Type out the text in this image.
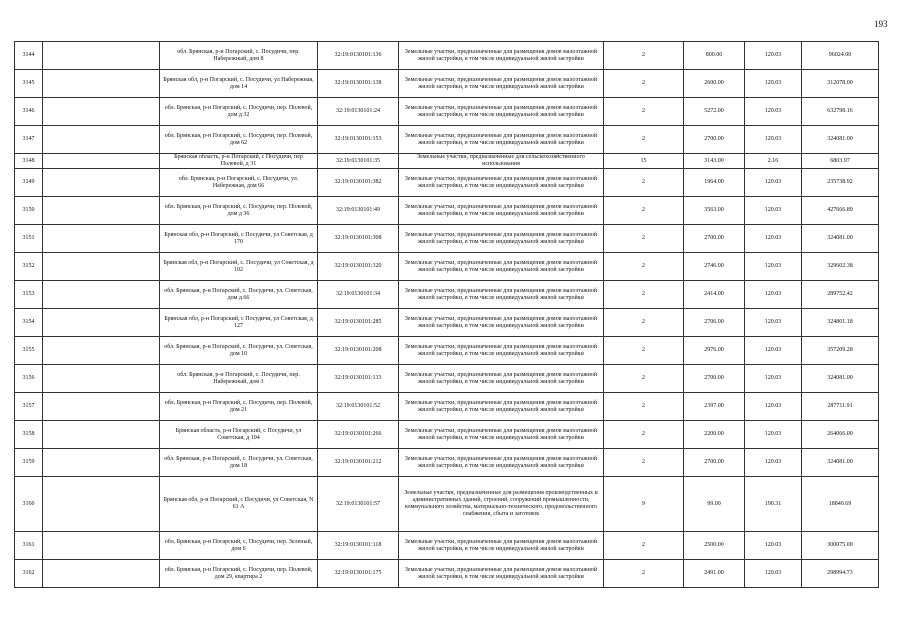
193
3144		обл. Брянская, р-н Погарский, с. Посудичи, пер. Набережный, дом 8	32:19:0130101:136	Земельные участки, предназначенные для размещения домов малоэтажной жилой застройки, в том числе индивидуальной жилой застройки	2	800.00	120.03	96024.00
3145		Брянская обл, р-н Погарский, с. Посудичи, ул Набережная, дом 14	32:19:0130101:138	Земельные участки, предназначенные для размещения домов малоэтажной жилой застройки, в том числе индивидуальной жилой застройки	2	2600.00	120.03	312078.00
3146		обл. Брянская, р-н Погарский, с. Посудичи, пер. Полевой, дом д 32	32:19:0130101:24	Земельные участки, предназначенные для размещения домов малоэтажной жилой застройки, в том числе индивидуальной жилой застройки	2	5272.00	120.03	632798.16
3147		обл. Брянская, р-н Погарский, с. Посудичи, пер. Полевой, дом 62	32:19:0130101:153	Земельные участки, предназначенные для размещения домов малоэтажной жилой застройки, в том числе индивидуальной жилой застройки	2	2700.00	120.03	324081.00
3148		Брянская область, р-н Погарский, с Посудичи, пер Полевой, д 31	32:19:0130101:35	Земельные участки, предназначенные для сельскохозяйственного использования	15	3143.00	2.16	6803.97
3149		обл. Брянская, р-н Погарский, с. Посудичи, ул. Набережная, дом 66	32:19:0130101:382	Земельные участки, предназначенные для размещения домов малоэтажной жилой застройки, в том числе индивидуальной жилой застройки	2	1964.00	120.03	235738.92
3150		обл. Брянская, р-н Погарский, с. Посудичи, пер. Полевой, дом д 36	32:19:0130101:49	Земельные участки, предназначенные для размещения домов малоэтажной жилой застройки, в том числе индивидуальной жилой застройки	2	3563.00	120.03	427666.89
3151		Брянская обл, р-н Погарский, с Посудичи, ул Советская, д 170	32:19:0130101:308	Земельные участки, предназначенные для размещения домов малоэтажной жилой застройки, в том числе индивидуальной жилой застройки	2	2700.00	120.03	324081.00
3152		Брянская обл, р-н Погарский, с. Посудичи, ул Советская, д 102	32:19:0130101:320	Земельные участки, предназначенные для размещения домов малоэтажной жилой застройки, в том числе индивидуальной жилой застройки	2	2746.00	120.03	329602.38
3153		обл. Брянская, р-н Погарский, с. Посудичи, ул. Советская, дом д.66	32:19:0130101:34	Земельные участки, предназначенные для размещения домов малоэтажной жилой застройки, в том числе индивидуальной жилой застройки	2	2414.00	120.03	289752.42
3154		Брянская обл, р-н Погарский, с Посудичи, ул Советская, д 127	32:19:0130101:285	Земельные участки, предназначенные для размещения домов малоэтажной жилой застройки, в том числе индивидуальной жилой застройки	2	2706.00	120.03	324801.18
3155		обл. Брянская, р-н Погарский, с. Посудичи, ул. Советская, дом 10	32:19:0130101:208	Земельные участки, предназначенные для размещения домов малоэтажной жилой застройки, в том числе индивидуальной жилой застройки	2	2976.00	120.03	357209.28
3156		обл. Брянская, р-н Погарский, с. Посудичи, пер. Набережный, дом 3	32:19:0130101:133	Земельные участки, предназначенные для размещения домов малоэтажной жилой застройки, в том числе индивидуальной жилой застройки	2	2700.00	120.03	324081.00
3157		обл. Брянская, р-н Погарский, с. Посудичи, пер. Полевой, дом 21	32:19:0130101:52	Земельные участки, предназначенные для размещения домов малоэтажной жилой застройки, в том числе индивидуальной жилой застройки	2	2397.00	120.03	287711.91
3158		Брянская область, р-н Погарский, с Посудичи, ул Советская, д 104	32:19:0130101:266	Земельные участки, предназначенные для размещения домов малоэтажной жилой застройки, в том числе индивидуальной жилой застройки	2	2200.00	120.03	264066.00
3159		обл. Брянская, р-н Погарский, с. Посудичи, ул. Советская, дом 18	32:19:0130101:212	Земельные участки, предназначенные для размещения домов малоэтажной жилой застройки, в том числе индивидуальной жилой застройки	2	2700.00	120.03	324081.00
3160		Брянская обл, р-н Погарский, с Посудичи, ул Советская, N 61 А	32:19:0130101:57	Земельные участки, предназначенные для размещения производственных и административных зданий, строений, сооружений промышленности, коммунального хозяйства, материально-технического, продовольственного снабжения, сбыта и заготовок	9	99.00	190.31	18840.69
3161		обл. Брянская, р-н Погарский, с. Посудичи, пер. Зеленый, дом 6	32:19:0130101:118	Земельные участки, предназначенные для размещения домов малоэтажной жилой застройки, в том числе индивидуальной жилой застройки	2	2500.00	120.03	300075.00
3162		обл. Брянская, р-н Погарский, с. Посудичи, пер. Полевой, дом 29, квартира 2	32:19:0130101:175	Земельные участки, предназначенные для размещения домов малоэтажной жилой застройки, в том числе индивидуальной жилой застройки	2	2491.00	120.03	298994.73
